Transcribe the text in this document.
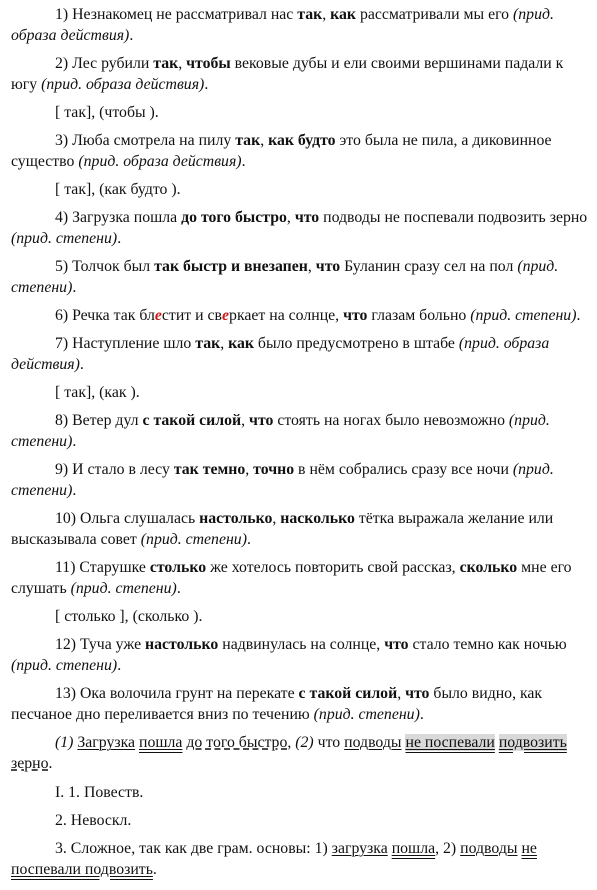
1) Незнакомец не рассматривал нас так, как рассматривали мы его (прид. образа действия).

2) Лес рубили так, чтобы вековые дубы и ели своими вершинами падали к югу (прид. образа действия).

[ так], (чтобы ).

3) Люба смотрела на пилу так, как будто это была не пила, а диковинное существо (прид. образа действия).

[ так], (как будто ).

4) Загрузка пошла до того быстро, что подводы не поспевали подвозить зерно (прид. степени).

5) Толчок был так быстр и внезапен, что Буланин сразу сел на пол (прид. степени).

6) Речка так блестит и сверкает на солнце, что глазам больно (прид. степени).

7) Наступление шло так, как было предусмотрено в штабе (прид. образа действия).

[ так], (как ).

8) Ветер дул с такой силой, что стоять на ногах было невозможно (прид. степени).

9) И стало в лесу так темно, точно в нём собрались сразу все ночи (прид. степени).

10) Ольга слушалась настолько, насколько тётка выражала желание или высказывала совет (прид. степени).

11) Старушке столько же хотелось повторить свой рассказ, сколько мне его слушать (прид. степени).

[ столько ], (сколько ).

12) Туча уже настолько надвинулась на солнце, что стало темно как ночью (прид. степени).

13) Ока волочила грунт на перекате с такой силой, что было видно, как песчаное дно переливается вниз по течению (прид. степени).

(1) Загрузка пошла до того быстро, (2) что подводы не поспевали подвозить зерно.

I. 1. Повеств.

2. Невоскл.

3. Сложное, так как две грам. основы: 1) загрузка пошла, 2) подводы не поспевали подвозить.
